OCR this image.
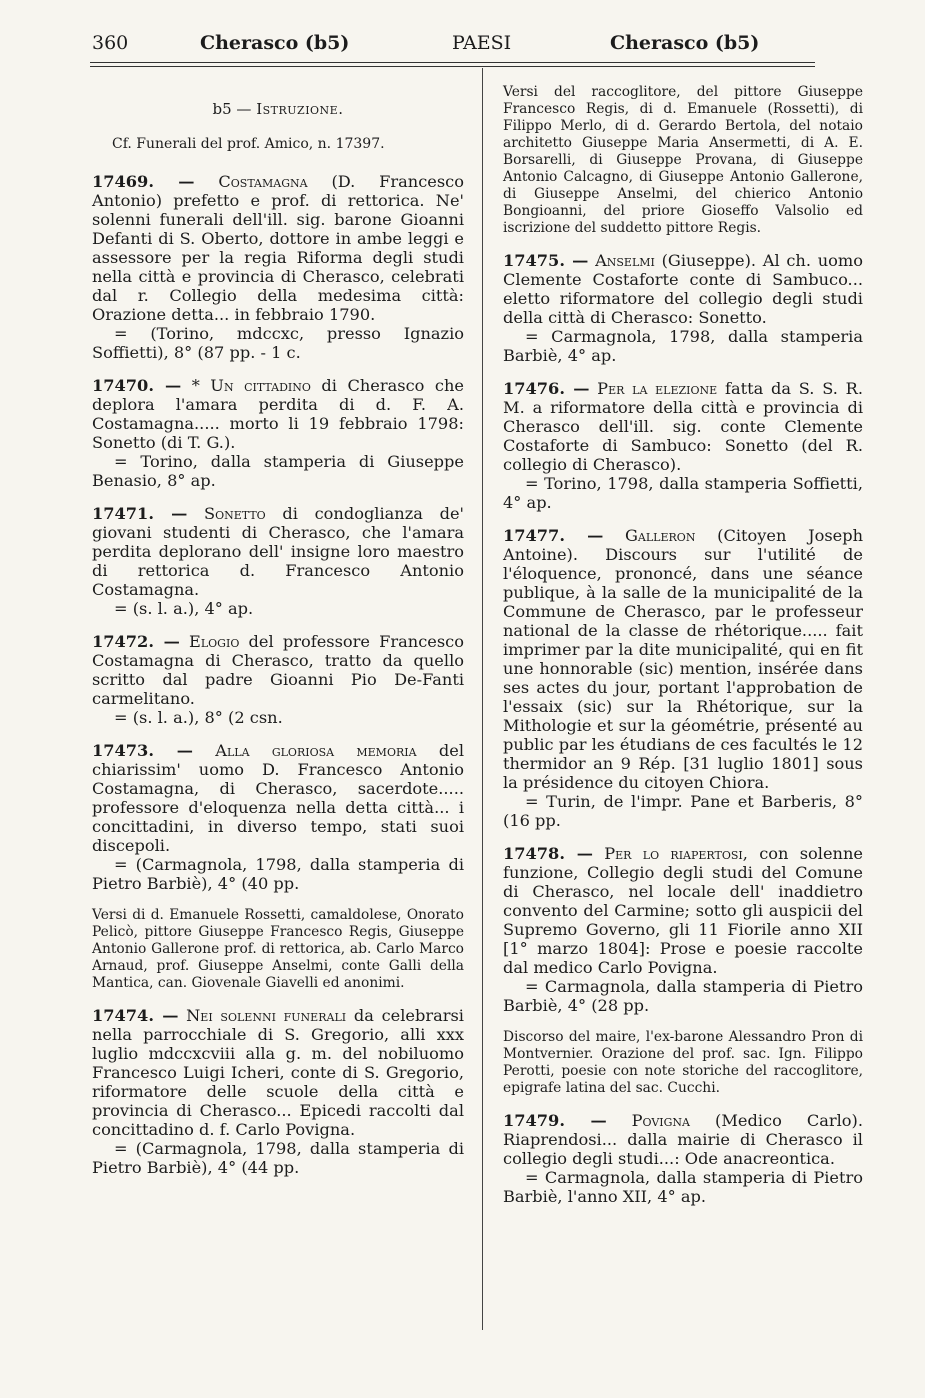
360	Cherasco (b5)	PAESI	Cherasco (b5)
b5 — Istruzione.
Cf. Funerali del prof. Amico, n. 17397.

17469. — Costamagna (D. Francesco Antonio) prefetto e prof. di rettorica. Ne' solenni funerali dell'ill. sig. barone Gioanni Defanti di S. Oberto, dottore in ambe leggi e assessore per la regia Riforma degli studi nella città e provincia di Cherasco, celebrati dal r. Collegio della medesima città: Orazione detta... in febbraio 1790.

= (Torino, mdccxc, presso Ignazio Soffietti), 8° (87 pp. - 1 c.

17470. — * Un cittadino di Cherasco che deplora l'amara perdita di d. F. A. Costamagna..... morto li 19 febbraio 1798: Sonetto (di T. G.).

= Torino, dalla stamperia di Giuseppe Benasio, 8° ap.

17471. — Sonetto di condoglianza de' giovani studenti di Cherasco, che l'amara perdita deplorano dell' insigne loro maestro di rettorica d. Francesco Antonio Costamagna.

= (s. l. a.), 4° ap.

17472. — Elogio del professore Francesco Costamagna di Cherasco, tratto da quello scritto dal padre Gioanni Pio De-Fanti carmelitano.

= (s. l. a.), 8° (2 csn.

17473. — Alla gloriosa memoria del chiarissim' uomo D. Francesco Antonio Costamagna, di Cherasco, sacerdote..... professore d'eloquenza nella detta città... i concittadini, in diverso tempo, stati suoi discepoli.

= (Carmagnola, 1798, dalla stamperia di Pietro Barbiè), 4° (40 pp.

Versi di d. Emanuele Rossetti, camaldolese, Onorato Pelicò, pittore Giuseppe Francesco Regis, Giuseppe Antonio Gallerone prof. di rettorica, ab. Carlo Marco Arnaud, prof. Giuseppe Anselmi, conte Galli della Mantica, can. Giovenale Giavelli ed anonimi.

17474. — Nei solenni funerali da celebrarsi nella parrocchiale di S. Gregorio, alli xxx luglio mdccxcviii alla g. m. del nobiluomo Francesco Luigi Icheri, conte di S. Gregorio, riformatore delle scuole della città e provincia di Cherasco... Epicedi raccolti dal concittadino d. f. Carlo Povigna.

= (Carmagnola, 1798, dalla stamperia di Pietro Barbiè), 4° (44 pp.

Versi del raccoglitore, del pittore Giuseppe Francesco Regis, di d. Emanuele (Rossetti), di Filippo Merlo, di d. Gerardo Bertola, del notaio architetto Giuseppe Maria Ansermetti, di A. E. Borsarelli, di Giuseppe Provana, di Giuseppe Antonio Calcagno, di Giuseppe Antonio Gallerone, di Giuseppe Anselmi, del chierico Antonio Bongioanni, del priore Gioseffo Valsolio ed iscrizione del suddetto pittore Regis.

17475. — Anselmi (Giuseppe). Al ch. uomo Clemente Costaforte conte di Sambuco... eletto riformatore del collegio degli studi della città di Cherasco: Sonetto.

= Carmagnola, 1798, dalla stamperia Barbiè, 4° ap.

17476. — Per la elezione fatta da S. S. R. M. a riformatore della città e provincia di Cherasco dell'ill. sig. conte Clemente Costaforte di Sambuco: Sonetto (del R. collegio di Cherasco).

= Torino, 1798, dalla stamperia Soffietti, 4° ap.

17477. — Galleron (Citoyen Joseph Antoine). Discours sur l'utilité de l'éloquence, prononcé, dans une séance publique, à la salle de la municipalité de la Commune de Cherasco, par le professeur national de la classe de rhétorique..... fait imprimer par la dite municipalité, qui en fit une honnorable (sic) mention, insérée dans ses actes du jour, portant l'approbation de l'essaix (sic) sur la Rhétorique, sur la Mithologie et sur la géométrie, présenté au public par les étudians de ces facultés le 12 thermidor an 9 Rép. [31 luglio 1801] sous la présidence du citoyen Chiora.

= Turin, de l'impr. Pane et Barberis, 8° (16 pp.

17478. — Per lo riapertosi, con solenne funzione, Collegio degli studi del Comune di Cherasco, nel locale dell' inaddietro convento del Carmine; sotto gli auspicii del Supremo Governo, gli 11 Fiorile anno XII [1° marzo 1804]: Prose e poesie raccolte dal medico Carlo Povigna.

= Carmagnola, dalla stamperia di Pietro Barbiè, 4° (28 pp.

Discorso del maire, l'ex-barone Alessandro Pron di Montvernier. Orazione del prof. sac. Ign. Filippo Perotti, poesie con note storiche del raccoglitore, epigrafe latina del sac. Cucchi.

17479. — Povigna (Medico Carlo). Riaprendosi... dalla mairie di Cherasco il collegio degli studi...: Ode anacreontica.

= Carmagnola, dalla stamperia di Pietro Barbiè, l'anno XII, 4° ap.
